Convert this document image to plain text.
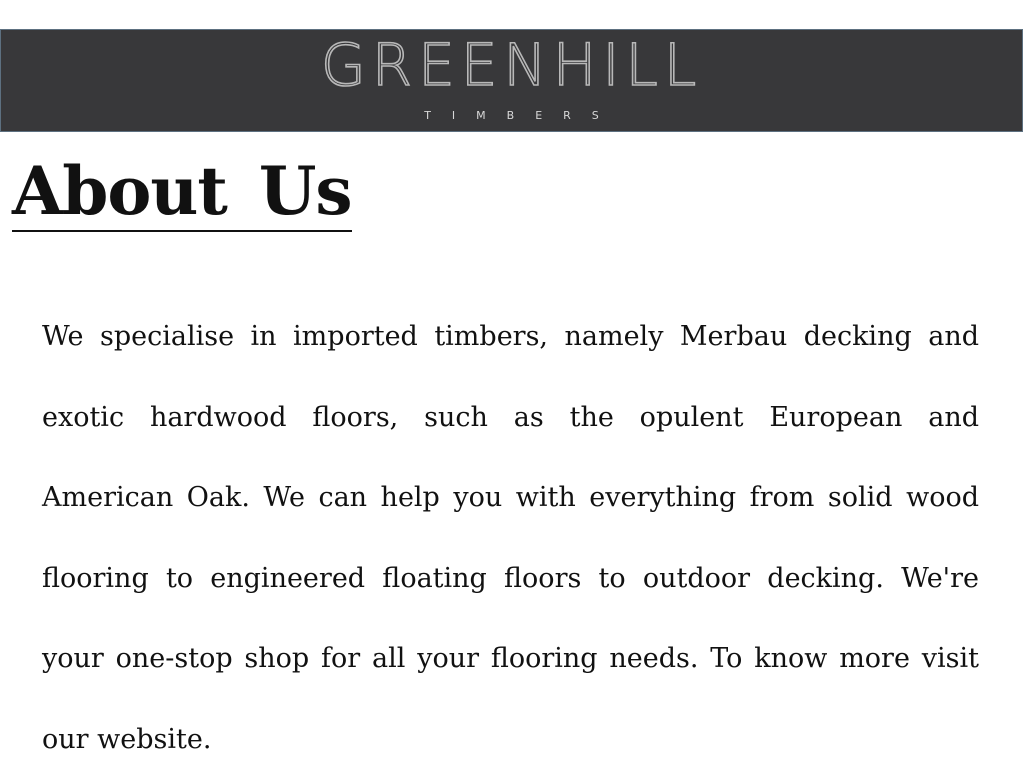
GREENHILL
TIMBERS
About Us

We specialise in imported timbers, namely Merbau decking and exotic hardwood floors, such as the opulent European and American Oak. We can help you with everything from solid wood flooring to engineered floating floors to outdoor decking. We're your one-stop shop for all your flooring needs. To know more visit our website.
